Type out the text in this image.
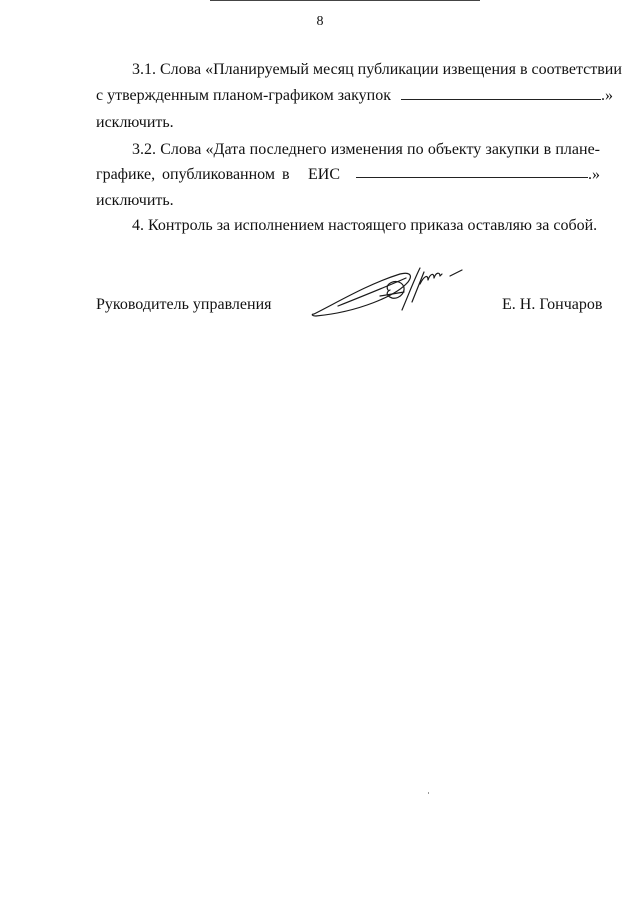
8
3.1. Слова «Планируемый месяц публикации извещения в соответствии
с утвержденным планом-графиком закупок	.»
исключить.
3.2. Слова «Дата последнего изменения по объекту закупки в плане-
графике, опубликованном в ЕИС	.»
исключить.
4. Контроль за исполнением настоящего приказа оставляю за собой.
Руководитель управления	Е. Н. Гончаров
